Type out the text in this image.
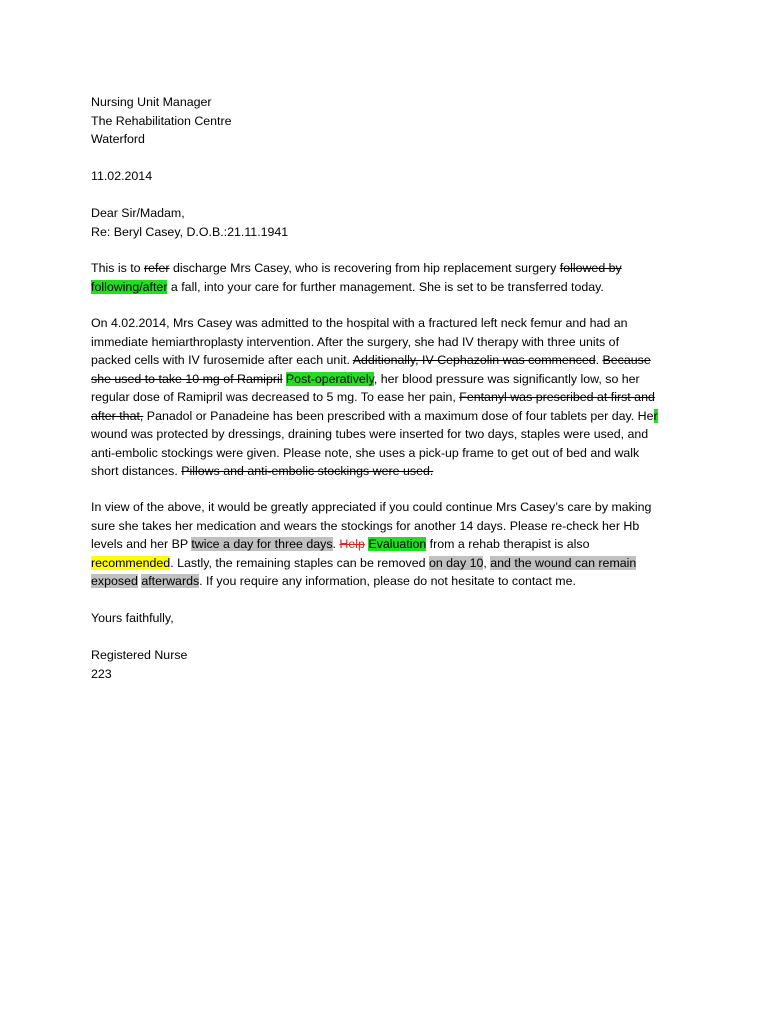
Nursing Unit Manager
The Rehabilitation Centre
Waterford
11.02.2014
Dear Sir/Madam,
Re: Beryl Casey, D.O.B.:21.11.1941

This is to refer discharge Mrs Casey, who is recovering from hip replacement surgery followed by
following/after a fall, into your care for further management. She is set to be transferred today.

On 4.02.2014, Mrs Casey was admitted to the hospital with a fractured left neck femur and had an
immediate hemiarthroplasty intervention. After the surgery, she had IV therapy with three units of
packed cells with IV furosemide after each unit. Additionally, IV Cephazolin was commenced. Because
she used to take 10 mg of Ramipril Post-operatively, her blood pressure was significantly low, so her
regular dose of Ramipril was decreased to 5 mg. To ease her pain, Fentanyl was prescribed at first and
after that, Panadol or Panadeine has been prescribed with a maximum dose of four tablets per day. Her
wound was protected by dressings, draining tubes were inserted for two days, staples were used, and
anti-embolic stockings were given. Please note, she uses a pick-up frame to get out of bed and walk
short distances. Pillows and anti-embolic stockings were used.

In view of the above, it would be greatly appreciated if you could continue Mrs Casey’s care by making
sure she takes her medication and wears the stockings for another 14 days. Please re-check her Hb
levels and her BP twice a day for three days. Help Evaluation from a rehab therapist is also
recommended. Lastly, the remaining staples can be removed on day 10, and the wound can remain
exposed afterwards. If you require any information, please do not hesitate to contact me.

Yours faithfully,
Registered Nurse
223
